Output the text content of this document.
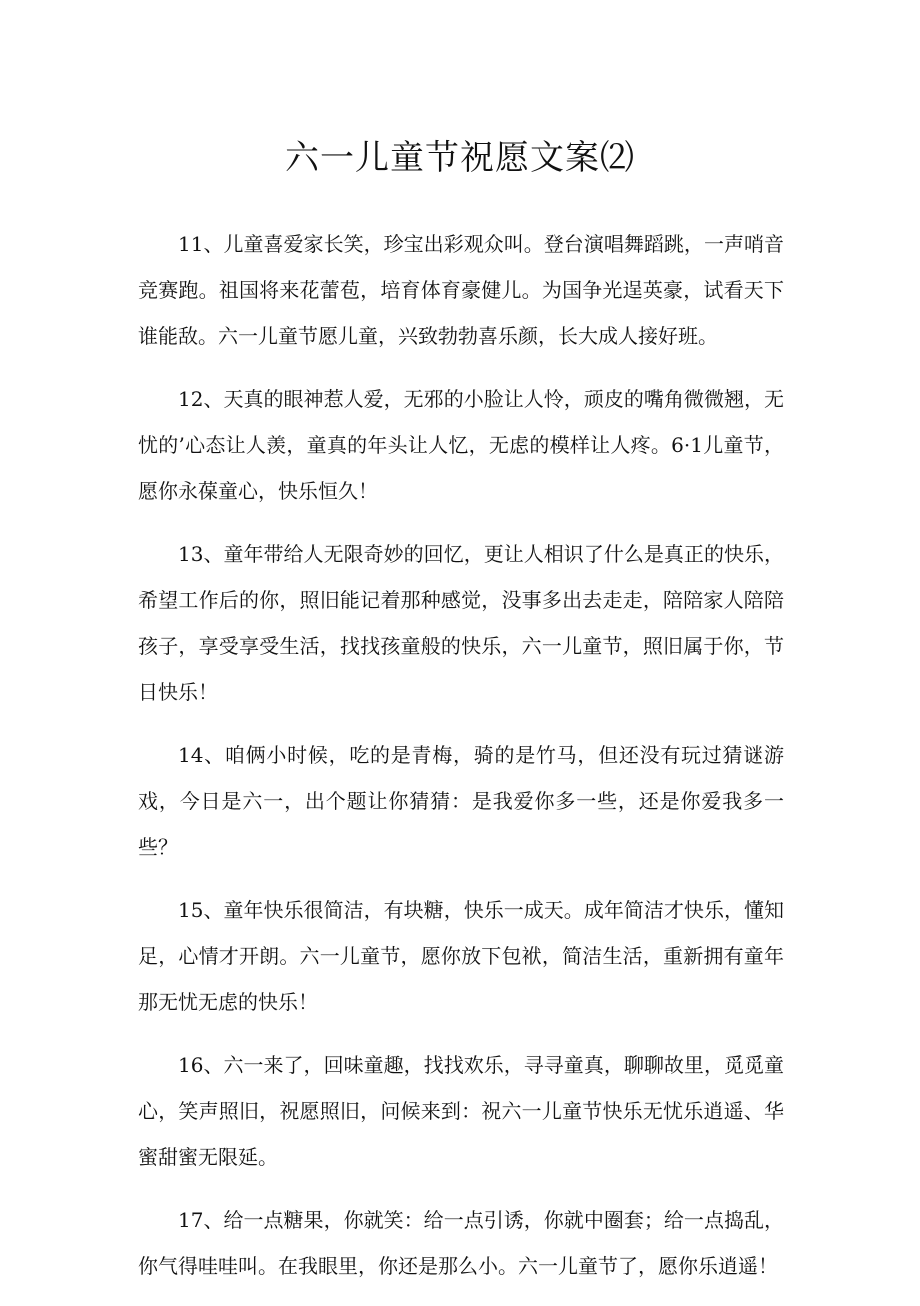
六一儿童节祝愿文案⑵

11、儿童喜爱家长笑，珍宝出彩观众叫。登台演唱舞蹈跳，一声哨音竞赛跑。祖国将来花蕾苞，培育体育豪健儿。为国争光逞英豪，试看天下谁能敌。六一儿童节愿儿童，兴致勃勃喜乐颜，长大成人接好班。

12、天真的眼神惹人爱，无邪的小脸让人怜，顽皮的嘴角微微翘，无忧的’心态让人羡，童真的年头让人忆，无虑的模样让人疼。6·1儿童节，愿你永葆童心，快乐恒久！

13、童年带给人无限奇妙的回忆，更让人相识了什么是真正的快乐，希望工作后的你，照旧能记着那种感觉，没事多出去走走，陪陪家人陪陪孩子，享受享受生活，找找孩童般的快乐，六一儿童节，照旧属于你，节日快乐！

14、咱俩小时候，吃的是青梅，骑的是竹马，但还没有玩过猜谜游戏，今日是六一，出个题让你猜猜：是我爱你多一些，还是你爱我多一些？

15、童年快乐很简洁，有块糖，快乐一成天。成年简洁才快乐，懂知足，心情才开朗。六一儿童节，愿你放下包袱，简洁生活，重新拥有童年那无忧无虑的快乐！

16、六一来了，回味童趣，找找欢乐，寻寻童真，聊聊故里，觅觅童心，笑声照旧，祝愿照旧，问候来到：祝六一儿童节快乐无忧乐逍遥、华蜜甜蜜无限延。

17、给一点糖果，你就笑：给一点引诱，你就中圈套；给一点捣乱，你气得哇哇叫。在我眼里，你还是那么小。六一儿童节了，愿你乐逍遥！
